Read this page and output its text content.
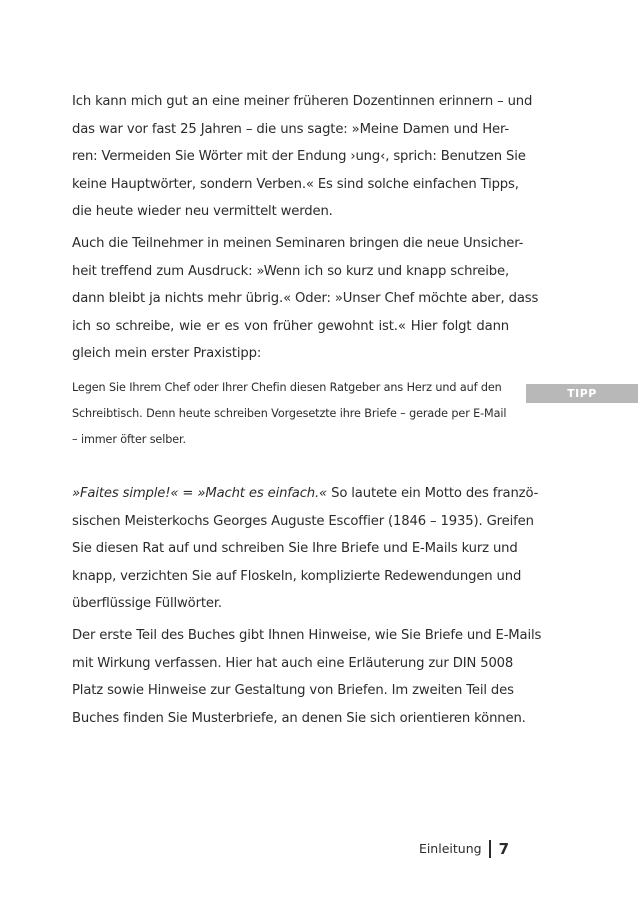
Ich kann mich gut an eine meiner früheren Dozentinnen erinnern – und
das war vor fast 25 Jahren – die uns sagte: »Meine Damen und Her-
ren: Vermeiden Sie Wörter mit der Endung ›ung‹, sprich: Benutzen Sie
keine Hauptwörter, sondern Verben.« Es sind solche einfachen Tipps,
die heute wieder neu vermittelt werden.

Auch die Teilnehmer in meinen Seminaren bringen die neue Unsicher-
heit treffend zum Ausdruck: »Wenn ich so kurz und knapp schreibe,
dann bleibt ja nichts mehr übrig.« Oder: »Unser Chef möchte aber, dass
ich so schreibe, wie er es von früher gewohnt ist.« Hier folgt dann
gleich mein erster Praxistipp:

Legen Sie Ihrem Chef oder Ihrer Chefin diesen Ratgeber ans Herz und auf den
Schreibtisch. Denn heute schreiben Vorgesetzte ihre Briefe – gerade per E-Mail
– immer öfter selber.
TIPP

»Faites simple!« = »Macht es einfach.« So lautete ein Motto des franzö-
sischen Meisterkochs Georges Auguste Escoffier (1846 – 1935). Greifen
Sie diesen Rat auf und schreiben Sie Ihre Briefe und E-Mails kurz und
knapp, verzichten Sie auf Floskeln, komplizierte Redewendungen und
überflüssige Füllwörter.

Der erste Teil des Buches gibt Ihnen Hinweise, wie Sie Briefe und E-Mails
mit Wirkung verfassen. Hier hat auch eine Erläuterung zur DIN 5008
Platz sowie Hinweise zur Gestaltung von Briefen. Im zweiten Teil des
Buches finden Sie Musterbriefe, an denen Sie sich orientieren können.

Einleitung 7
